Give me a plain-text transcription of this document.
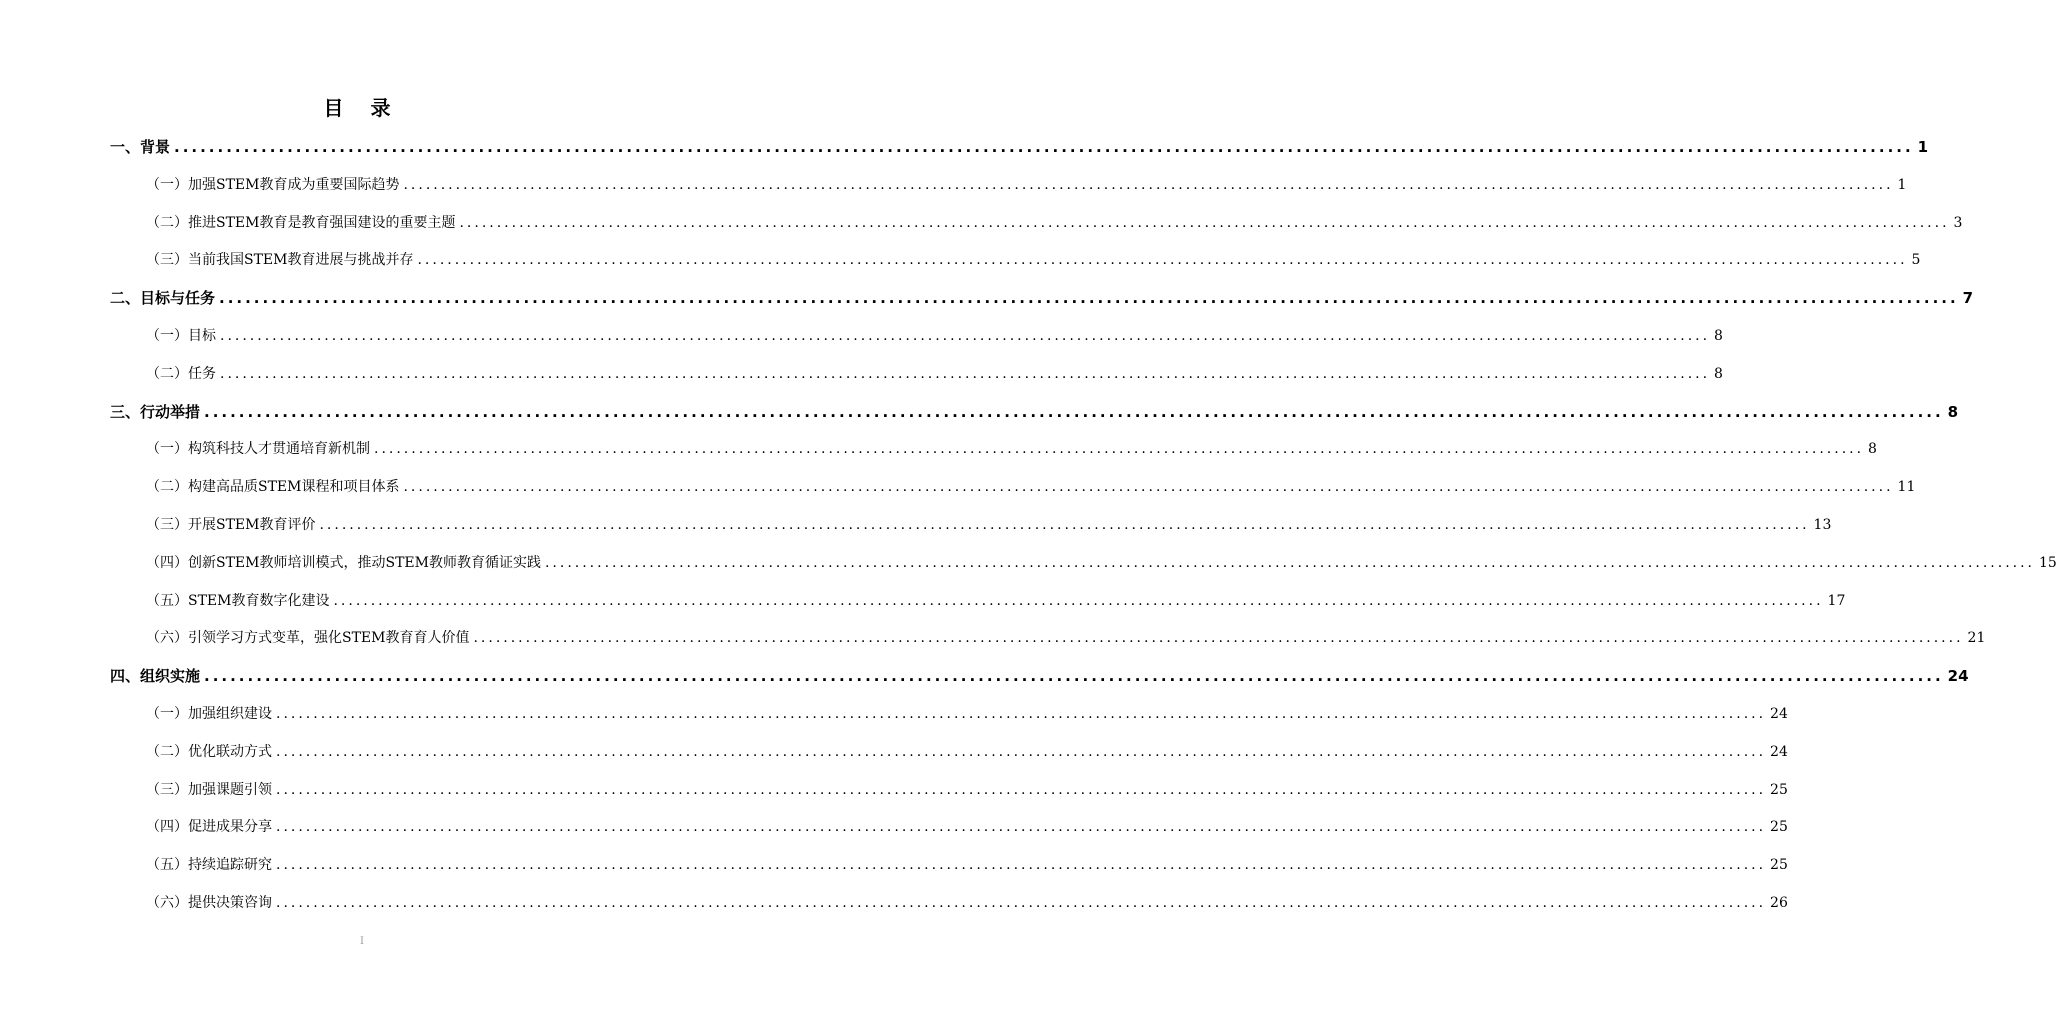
目 录
一、背景 ........................................................................................................................................................................................................ 1
（一）加强STEM教育成为重要国际趋势 ........................................................................................................................................................................................................ 1
（二）推进STEM教育是教育强国建设的重要主题 ........................................................................................................................................................................................................ 3
（三）当前我国STEM教育进展与挑战并存 ........................................................................................................................................................................................................ 5
二、目标与任务 ........................................................................................................................................................................................................ 7
（一）目标 ........................................................................................................................................................................................................ 8
（二）任务 ........................................................................................................................................................................................................ 8
三、行动举措 ........................................................................................................................................................................................................ 8
（一）构筑科技人才贯通培育新机制 ........................................................................................................................................................................................................ 8
（二）构建高品质STEM课程和项目体系 ........................................................................................................................................................................................................ 11
（三）开展STEM教育评价 ........................................................................................................................................................................................................ 13
（四）创新STEM教师培训模式，推动STEM教师教育循证实践 ........................................................................................................................................................................................................ 15
（五）STEM教育数字化建设 ........................................................................................................................................................................................................ 17
（六）引领学习方式变革，强化STEM教育育人价值 ........................................................................................................................................................................................................ 21
四、组织实施 ........................................................................................................................................................................................................ 24
（一）加强组织建设 ........................................................................................................................................................................................................ 24
（二）优化联动方式 ........................................................................................................................................................................................................ 24
（三）加强课题引领 ........................................................................................................................................................................................................ 25
（四）促进成果分享 ........................................................................................................................................................................................................ 25
（五）持续追踪研究 ........................................................................................................................................................................................................ 25
（六）提供决策咨询 ........................................................................................................................................................................................................ 26
I
